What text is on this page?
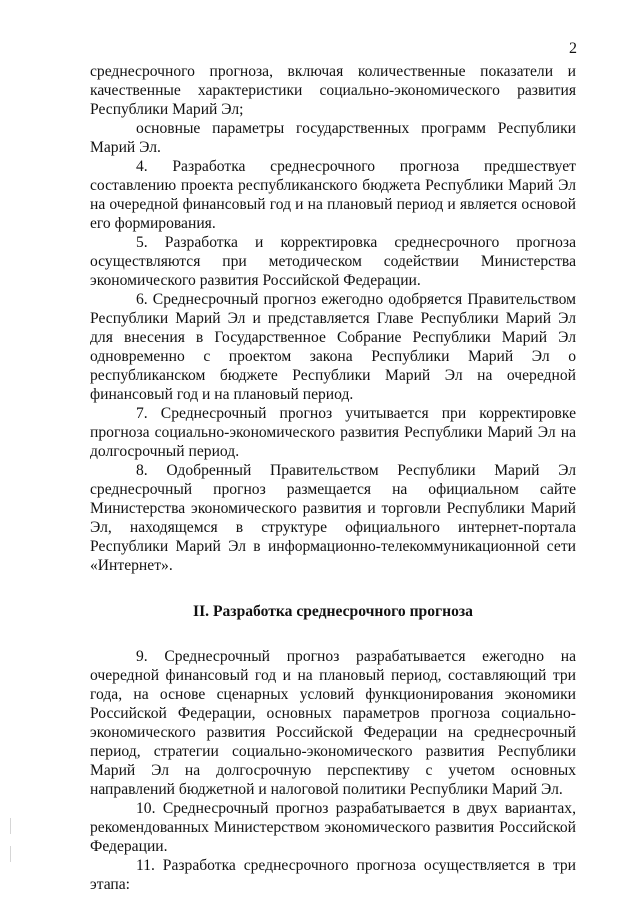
2

среднесрочного прогноза, включая количественные показатели и качественные характеристики социально-экономического развития Республики Марий Эл;

основные параметры государственных программ Республики Марий Эл.

4. Разработка среднесрочного прогноза предшествует составлению проекта республиканского бюджета Республики Марий Эл на очередной финансовый год и на плановый период и является основой его формирования.

5. Разработка и корректировка среднесрочного прогноза осуществляются при методическом содействии Министерства экономического развития Российской Федерации.

6. Среднесрочный прогноз ежегодно одобряется Правительством Республики Марий Эл и представляется Главе Республики Марий Эл для внесения в Государственное Собрание Республики Марий Эл одновременно с проектом закона Республики Марий Эл о республиканском бюджете Республики Марий Эл на очередной финансовый год и на плановый период.

7. Среднесрочный прогноз учитывается при корректировке прогноза социально-экономического развития Республики Марий Эл на долгосрочный период.

8. Одобренный Правительством Республики Марий Эл среднесрочный прогноз размещается на официальном сайте Министерства экономического развития и торговли Республики Марий Эл, находящемся в структуре официального интернет-портала Республики Марий Эл в информационно-телекоммуникационной сети «Интернет».

II. Разработка среднесрочного прогноза

9. Среднесрочный прогноз разрабатывается ежегодно на очередной финансовый год и на плановый период, составляющий три года, на основе сценарных условий функционирования экономики Российской Федерации, основных параметров прогноза социально-экономического развития Российской Федерации на среднесрочный период, стратегии социально-экономического развития Республики Марий Эл на долгосрочную перспективу с учетом основных направлений бюджетной и налоговой политики Республики Марий Эл.

10. Среднесрочный прогноз разрабатывается в двух вариантах, рекомендованных Министерством экономического развития Российской Федерации.

11. Разработка среднесрочного прогноза осуществляется в три этапа:
